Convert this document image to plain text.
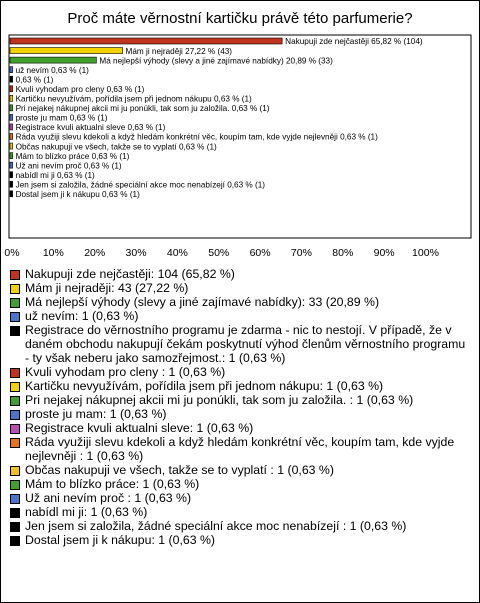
Proč máte věrnostní kartičku právě této parfumerie?
Nakupuji zde nejčastěji 65,82 % (104)
Mám ji nejraději 27,22 % (43)
Má nejlepší výhody (slevy a jiné zajímavé nabídky) 20,89 % (33)
už nevím 0,63 % (1)
0,63 % (1)
Kvuli vyhodam pro cleny 0,63 % (1)
Kartičku nevyužívám, pořídila jsem při jednom nákupu 0,63 % (1)
Pri nejakej nákupnej akcii mi ju ponúkli, tak som ju založila. 0,63 % (1)
proste ju mam 0,63 % (1)
Registrace kvuli aktualni sleve 0,63 % (1)
Ráda využiji slevu kdekoli a když hledám konkrétní věc, koupím tam, kde vyjde nejlevněji 0,63 % (1)
Občas nakupuji ve všech, takže se to vyplatí 0,63 % (1)
Mám to blízko práce 0,63 % (1)
Už ani nevím proč 0,63 % (1)
nabídl mi ji 0,63 % (1)
Jen jsem si založila, žádné speciální akce moc nenabízejí 0,63 % (1)
Dostal jsem ji k nákupu 0,63 % (1)
0% 10% 20% 30% 40% 50% 60% 70% 80% 90% 100%
Nakupuji zde nejčastěji: 104 (65,82 %)
Mám ji nejraději: 43 (27,22 %)
Má nejlepší výhody (slevy a jiné zajímavé nabídky): 33 (20,89 %)
už nevím: 1 (0,63 %)
Registrace do věrnostního programu je zdarma - nic to nestojí. V případě, že v daném obchodu nakupují čekám poskytnutí výhod členům věrnostního programu - ty však neberu jako samozřejmost.: 1 (0,63 %)
Kvuli vyhodam pro cleny : 1 (0,63 %)
Kartičku nevyužívám, pořídila jsem při jednom nákupu: 1 (0,63 %)
Pri nejakej nákupnej akcii mi ju ponúkli, tak som ju založila. : 1 (0,63 %)
proste ju mam: 1 (0,63 %)
Registrace kvuli aktualni sleve: 1 (0,63 %)
Ráda využiji slevu kdekoli a když hledám konkrétní věc, koupím tam, kde vyjde nejlevněji : 1 (0,63 %)
Občas nakupuji ve všech, takže se to vyplatí : 1 (0,63 %)
Mám to blízko práce: 1 (0,63 %)
Už ani nevím proč : 1 (0,63 %)
nabídl mi ji: 1 (0,63 %)
Jen jsem si založila, žádné speciální akce moc nenabízejí : 1 (0,63 %)
Dostal jsem ji k nákupu: 1 (0,63 %)
